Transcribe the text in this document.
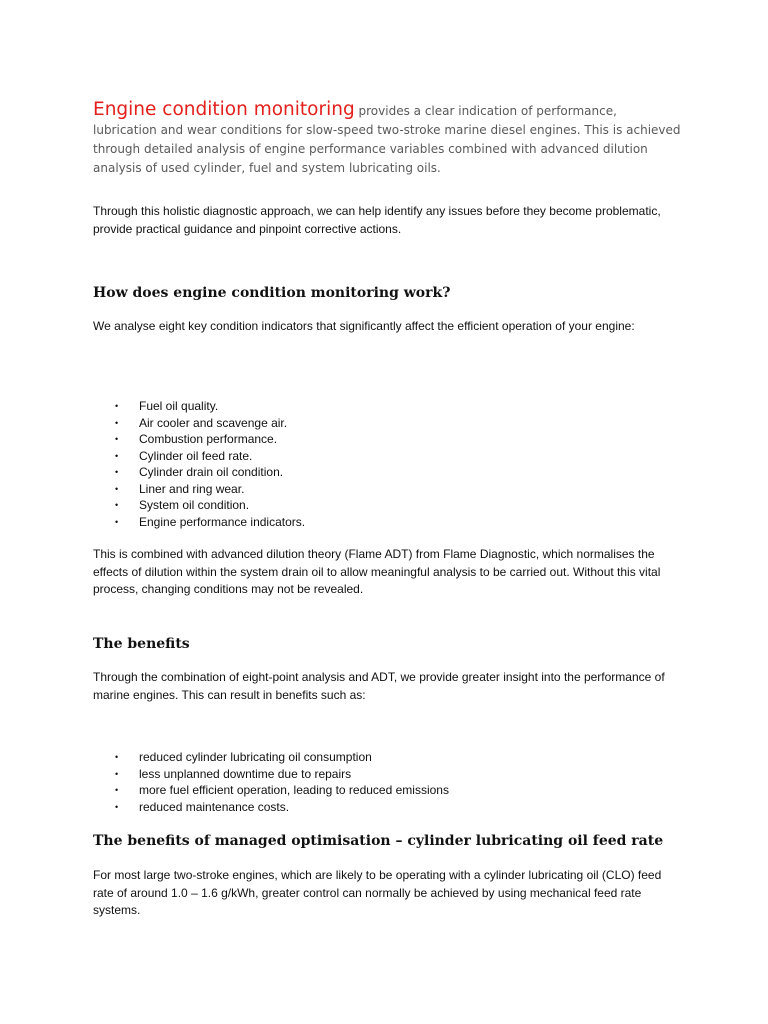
Engine condition monitoring provides a clear indication of performance, lubrication and wear conditions for slow-speed two-stroke marine diesel engines. This is achieved through detailed analysis of engine performance variables combined with advanced dilution analysis of used cylinder, fuel and system lubricating oils.

Through this holistic diagnostic approach, we can help identify any issues before they become problematic, provide practical guidance and pinpoint corrective actions.

How does engine condition monitoring work?

We analyse eight key condition indicators that significantly affect the efficient operation of your engine:

• Fuel oil quality.
• Air cooler and scavenge air.
• Combustion performance.
• Cylinder oil feed rate.
• Cylinder drain oil condition.
• Liner and ring wear.
• System oil condition.
• Engine performance indicators.

This is combined with advanced dilution theory (Flame ADT) from Flame Diagnostic, which normalises the effects of dilution within the system drain oil to allow meaningful analysis to be carried out. Without this vital process, changing conditions may not be revealed.

The benefits

Through the combination of eight-point analysis and ADT, we provide greater insight into the performance of marine engines. This can result in benefits such as:

• reduced cylinder lubricating oil consumption
• less unplanned downtime due to repairs
• more fuel efficient operation, leading to reduced emissions
• reduced maintenance costs.
The benefits of managed optimisation – cylinder lubricating oil feed rate

For most large two-stroke engines, which are likely to be operating with a cylinder lubricating oil (CLO) feed rate of around 1.0 – 1.6 g/kWh, greater control can normally be achieved by using mechanical feed rate systems.
